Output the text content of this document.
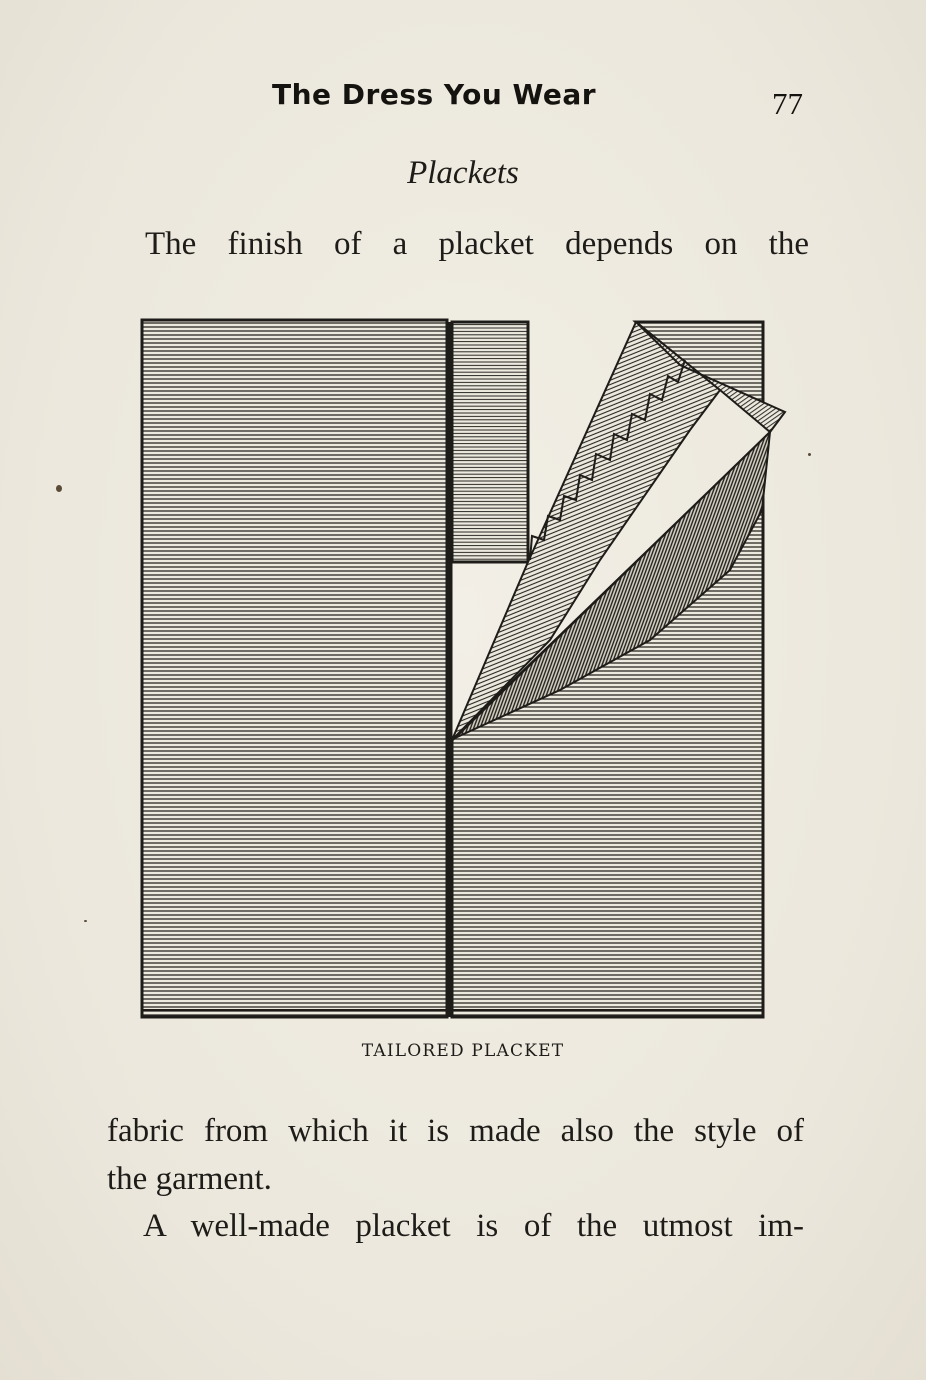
The Dress You Wear	77
Plackets
The finish of a placket depends on the
TAILORED PLACKET
fabric from which it is made also the style of
the garment.
A well-made placket is of the utmost im-
